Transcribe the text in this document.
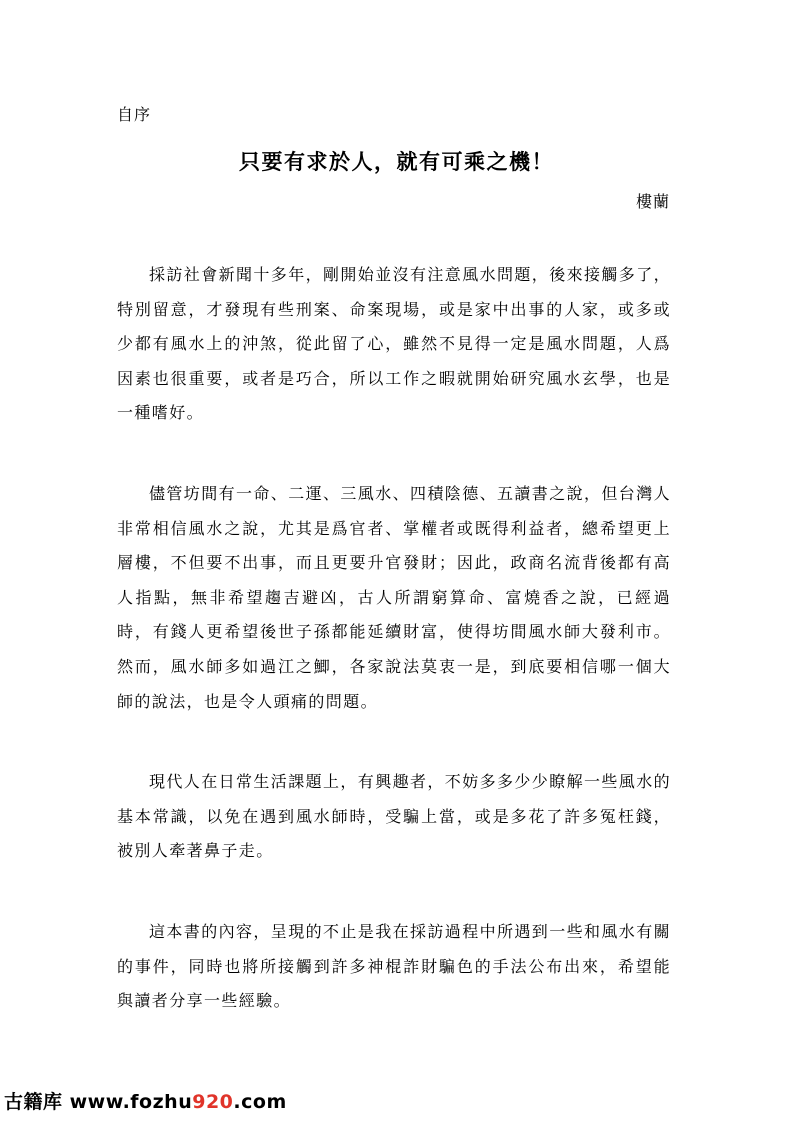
自序
只要有求於人，就有可乘之機！
樓蘭

採訪社會新聞十多年，剛開始並沒有注意風水問題，後來接觸多了，特別留意，才發現有些刑案、命案現場，或是家中出事的人家，或多或少都有風水上的沖煞，從此留了心，雖然不見得一定是風水問題，人爲因素也很重要，或者是巧合，所以工作之暇就開始研究風水玄學，也是一種嗜好。

儘管坊間有一命、二運、三風水、四積陰德、五讀書之說，但台灣人非常相信風水之說，尤其是爲官者、掌權者或既得利益者，總希望更上層樓，不但要不出事，而且更要升官發財；因此，政商名流背後都有高人指點，無非希望趨吉避凶，古人所謂窮算命、富燒香之說，已經過時，有錢人更希望後世子孫都能延續財富，使得坊間風水師大發利市。然而，風水師多如過江之鯽，各家說法莫衷一是，到底要相信哪一個大師的說法，也是令人頭痛的問題。

現代人在日常生活課題上，有興趣者，不妨多多少少瞭解一些風水的基本常識，以免在遇到風水師時，受騙上當，或是多花了許多冤枉錢，被別人牽著鼻子走。

這本書的內容，呈現的不止是我在採訪過程中所遇到一些和風水有關的事件，同時也將所接觸到許多神棍詐財騙色的手法公布出來，希望能與讀者分享一些經驗。

古籍库 www.fozhu920.com
